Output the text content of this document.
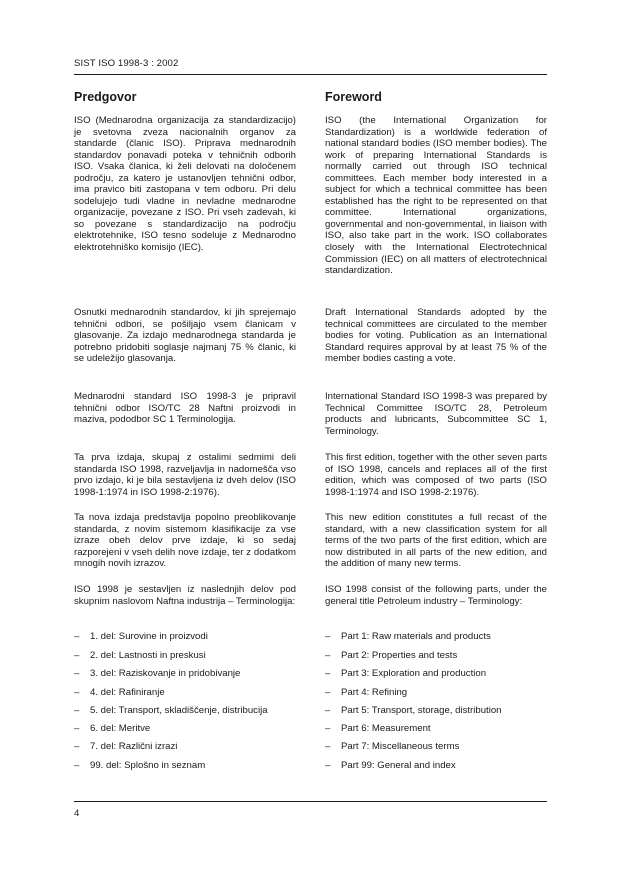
SIST ISO 1998-3 : 2002
Predgovor

ISO (Mednarodna organizacija za standardizacijo) je svetovna zveza nacionalnih organov za standarde (članic ISO). Priprava mednarodnih standardov ponavadi poteka v tehničnih odborih ISO. Vsaka članica, ki želi delovati na določenem področju, za katero je ustanovljen tehnični odbor, ima pravico biti zastopana v tem odboru. Pri delu sodelujejo tudi vladne in nevladne mednarodne organizacije, povezane z ISO. Pri vseh zadevah, ki so povezane s standardizacijo na področju elektrotehnike, ISO tesno sodeluje z Mednarodno elektrotehniško komisijo (IEC).

Osnutki mednarodnih standardov, ki jih sprejemajo tehnični odbori, se pošiljajo vsem članicam v glasovanje. Za izdajo mednarodnega standarda je potrebno pridobiti soglasje najmanj 75 % članic, ki se udeležijo glasovanja.

Mednarodni standard ISO 1998-3 je pripravil tehnični odbor ISO/TC 28 Naftni proizvodi in maziva, pododbor SC 1 Terminologija.

Ta prva izdaja, skupaj z ostalimi sedmimi deli standarda ISO 1998, razveljavlja in nadomešča vso prvo izdajo, ki je bila sestavljena iz dveh delov (ISO 1998-1:1974 in ISO 1998-2:1976).

Ta nova izdaja predstavlja popolno preoblikovanje standarda, z novim sistemom klasifikacije za vse izraze obeh delov prve izdaje, ki so sedaj razporejeni v vseh delih nove izdaje, ter z dodatkom mnogih novih izrazov.

ISO 1998 je sestavljen iz naslednjih delov pod skupnim naslovom Naftna industrija – Terminologija:

– 1. del: Surovine in proizvodi
– 2. del: Lastnosti in preskusi
– 3. del: Raziskovanje in pridobivanje
– 4. del: Rafiniranje
– 5. del: Transport, skladiščenje, distribucija
– 6. del: Meritve
– 7. del: Različni izrazi
– 99. del: Splošno in seznam
Foreword

ISO (the International Organization for Standardization) is a worldwide federation of national standard bodies (ISO member bodies). The work of preparing International Standards is normally carried out through ISO technical committees. Each member body interested in a subject for which a technical committee has been established has the right to be represented on that committee. International organizations, governmental and non-governmental, in liaison with ISO, also take part in the work. ISO collaborates closely with the International Electrotechnical Commission (IEC) on all matters of electrotechnical standardization.

Draft International Standards adopted by the technical committees are circulated to the member bodies for voting. Publication as an International Standard requires approval by at least 75 % of the member bodies casting a vote.

International Standard ISO 1998-3 was prepared by Technical Committee ISO/TC 28, Petroleum products and lubricants, Subcommittee SC 1, Terminology.

This first edition, together with the other seven parts of ISO 1998, cancels and replaces all of the first edition, which was composed of two parts (ISO 1998-1:1974 and ISO 1998-2:1976).

This new edition constitutes a full recast of the standard, with a new classification system for all terms of the two parts of the first edition, which are now distributed in all parts of the new edition, and the addition of many new terms.

ISO 1998 consist of the following parts, under the general title Petroleum industry – Terminology:

– Part 1: Raw materials and products
– Part 2: Properties and tests
– Part 3: Exploration and production
– Part 4: Refining
– Part 5: Transport, storage, distribution
– Part 6: Measurement
– Part 7: Miscellaneous terms
– Part 99: General and index
4
